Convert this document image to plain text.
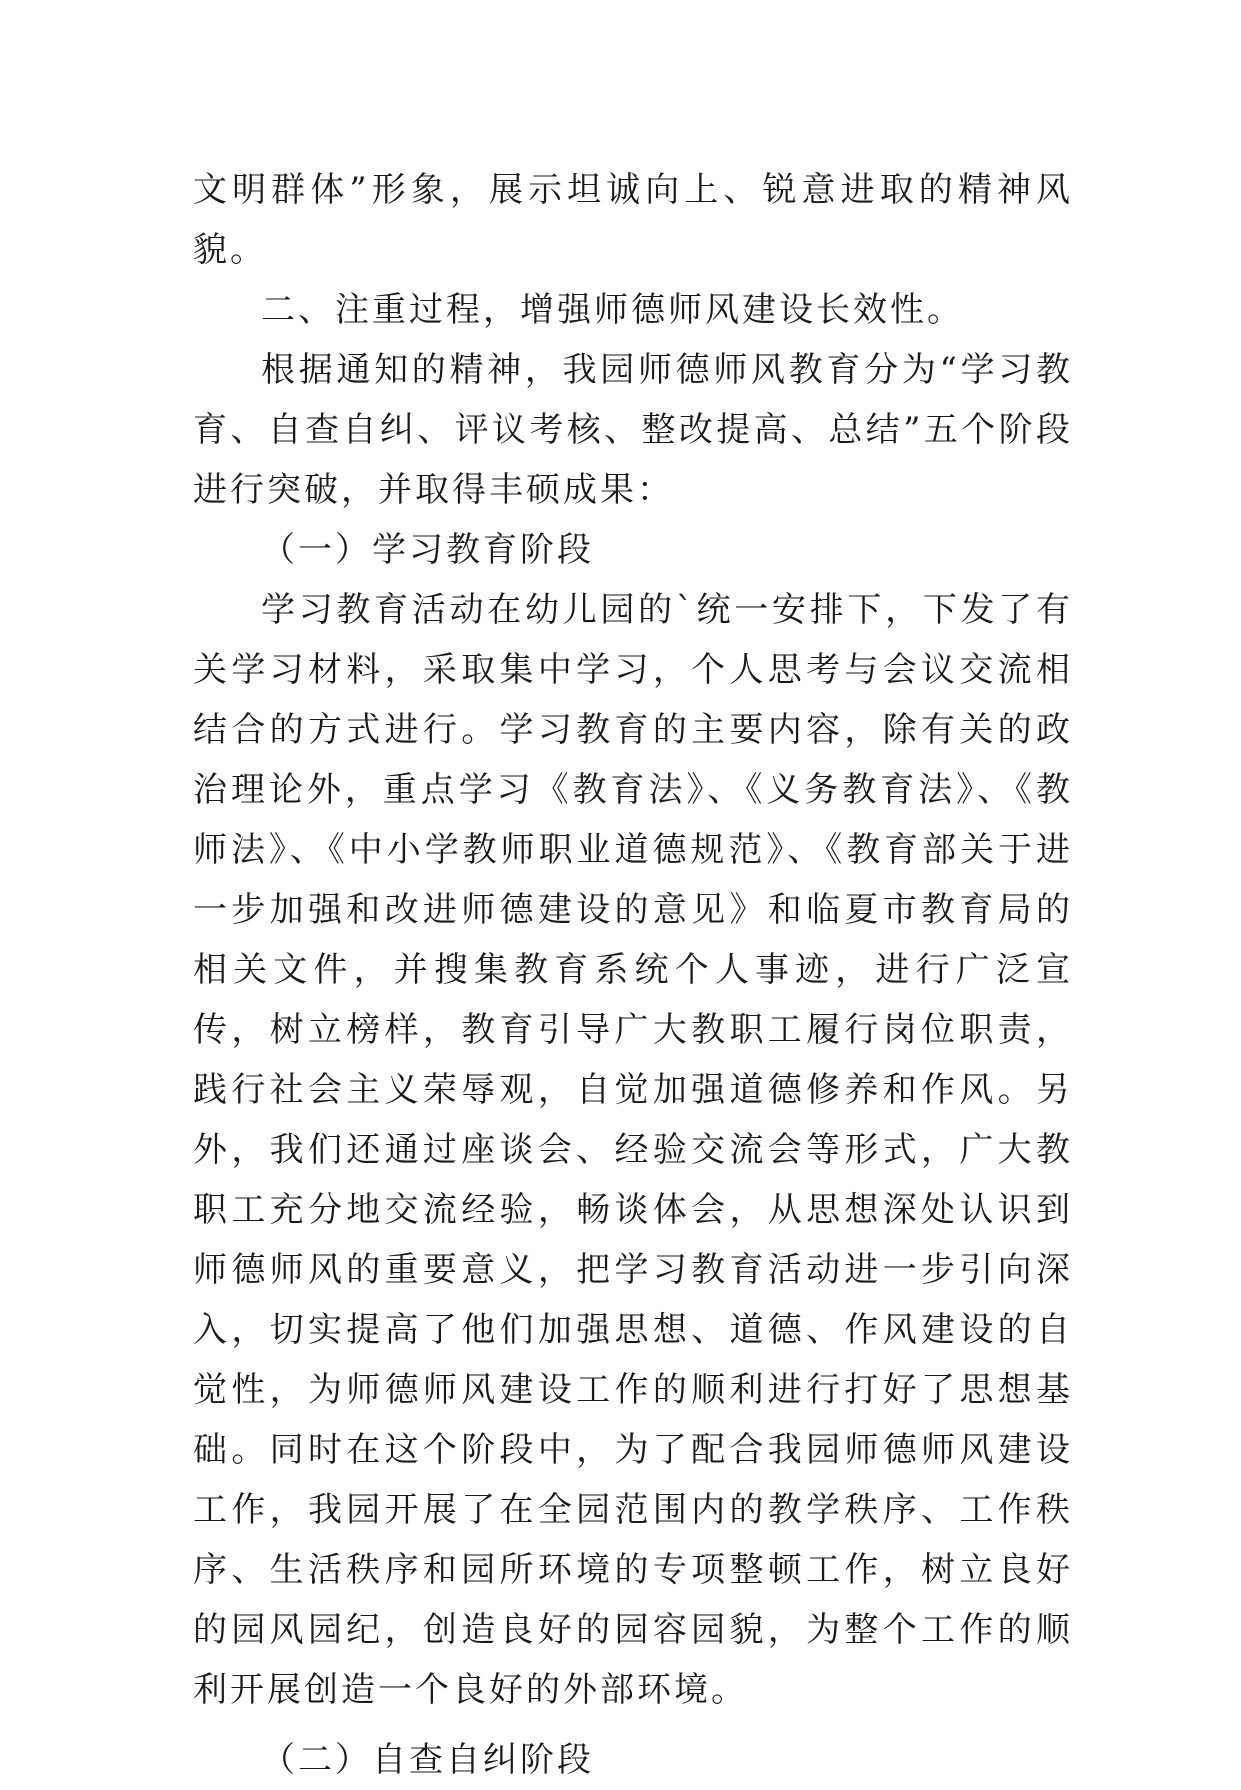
文明群体”形象，展示坦诚向上、锐意进取的精神风貌。

二、注重过程，增强师德师风建设长效性。

根据通知的精神，我园师德师风教育分为“学习教育、自查自纠、评议考核、整改提高、总结”五个阶段进行突破，并取得丰硕成果：

（一）学习教育阶段

学习教育活动在幼儿园的`统一安排下，下发了有关学习材料，采取集中学习，个人思考与会议交流相结合的方式进行。学习教育的主要内容，除有关的政治理论外，重点学习《教育法》、《义务教育法》、《教师法》、《中小学教师职业道德规范》、《教育部关于进一步加强和改进师德建设的意见》和临夏市教育局的相关文件，并搜集教育系统个人事迹，进行广泛宣传，树立榜样，教育引导广大教职工履行岗位职责，践行社会主义荣辱观，自觉加强道德修养和作风。另外，我们还通过座谈会、经验交流会等形式，广大教职工充分地交流经验，畅谈体会，从思想深处认识到师德师风的重要意义，把学习教育活动进一步引向深入，切实提高了他们加强思想、道德、作风建设的自觉性，为师德师风建设工作的顺利进行打好了思想基础。同时在这个阶段中，为了配合我园师德师风建设工作，我园开展了在全园范围内的教学秩序、工作秩序、生活秩序和园所环境的专项整顿工作，树立良好的园风园纪，创造良好的园容园貌，为整个工作的顺利开展创造一个良好的外部环境。

（二）自查自纠阶段
